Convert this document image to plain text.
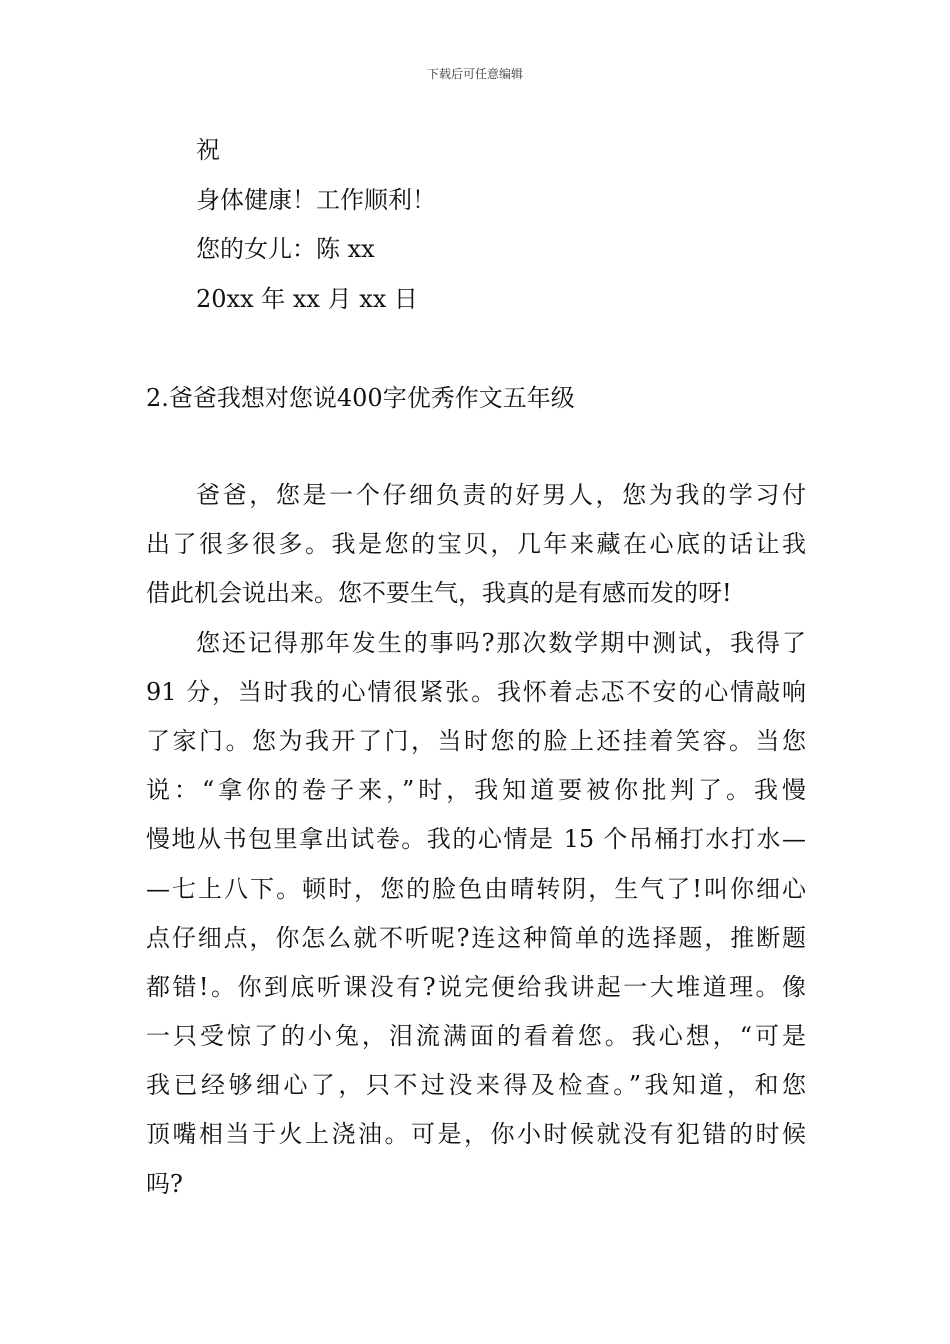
下载后可任意编辑
祝
身体健康！工作顺利！
您的女儿：陈 xx
20xx 年 xx 月 xx 日
2.爸爸我想对您说400字优秀作文五年级
爸爸，您是一个仔细负责的好男人，您为我的学习付
出了很多很多。我是您的宝贝，几年来藏在心底的话让我
借此机会说出来。您不要生气，我真的是有感而发的呀!
您还记得那年发生的事吗?那次数学期中测试，我得了
91 分，当时我的心情很紧张。我怀着忐忑不安的心情敲响
了家门。您为我开了门，当时您的脸上还挂着笑容。当您
说：“拿你的卷子来，”时，我知道要被你批判了。我慢
慢地从书包里拿出试卷。我的心情是 15 个吊桶打水打水—
—七上八下。顿时，您的脸色由晴转阴，生气了!叫你细心
点仔细点，你怎么就不听呢?连这种简单的选择题，推断题
都错!。你到底听课没有?说完便给我讲起一大堆道理。像
一只受惊了的小兔，泪流满面的看着您。我心想，“可是
我已经够细心了，只不过没来得及检查。”我知道，和您
顶嘴相当于火上浇油。可是，你小时候就没有犯错的时候
吗?
